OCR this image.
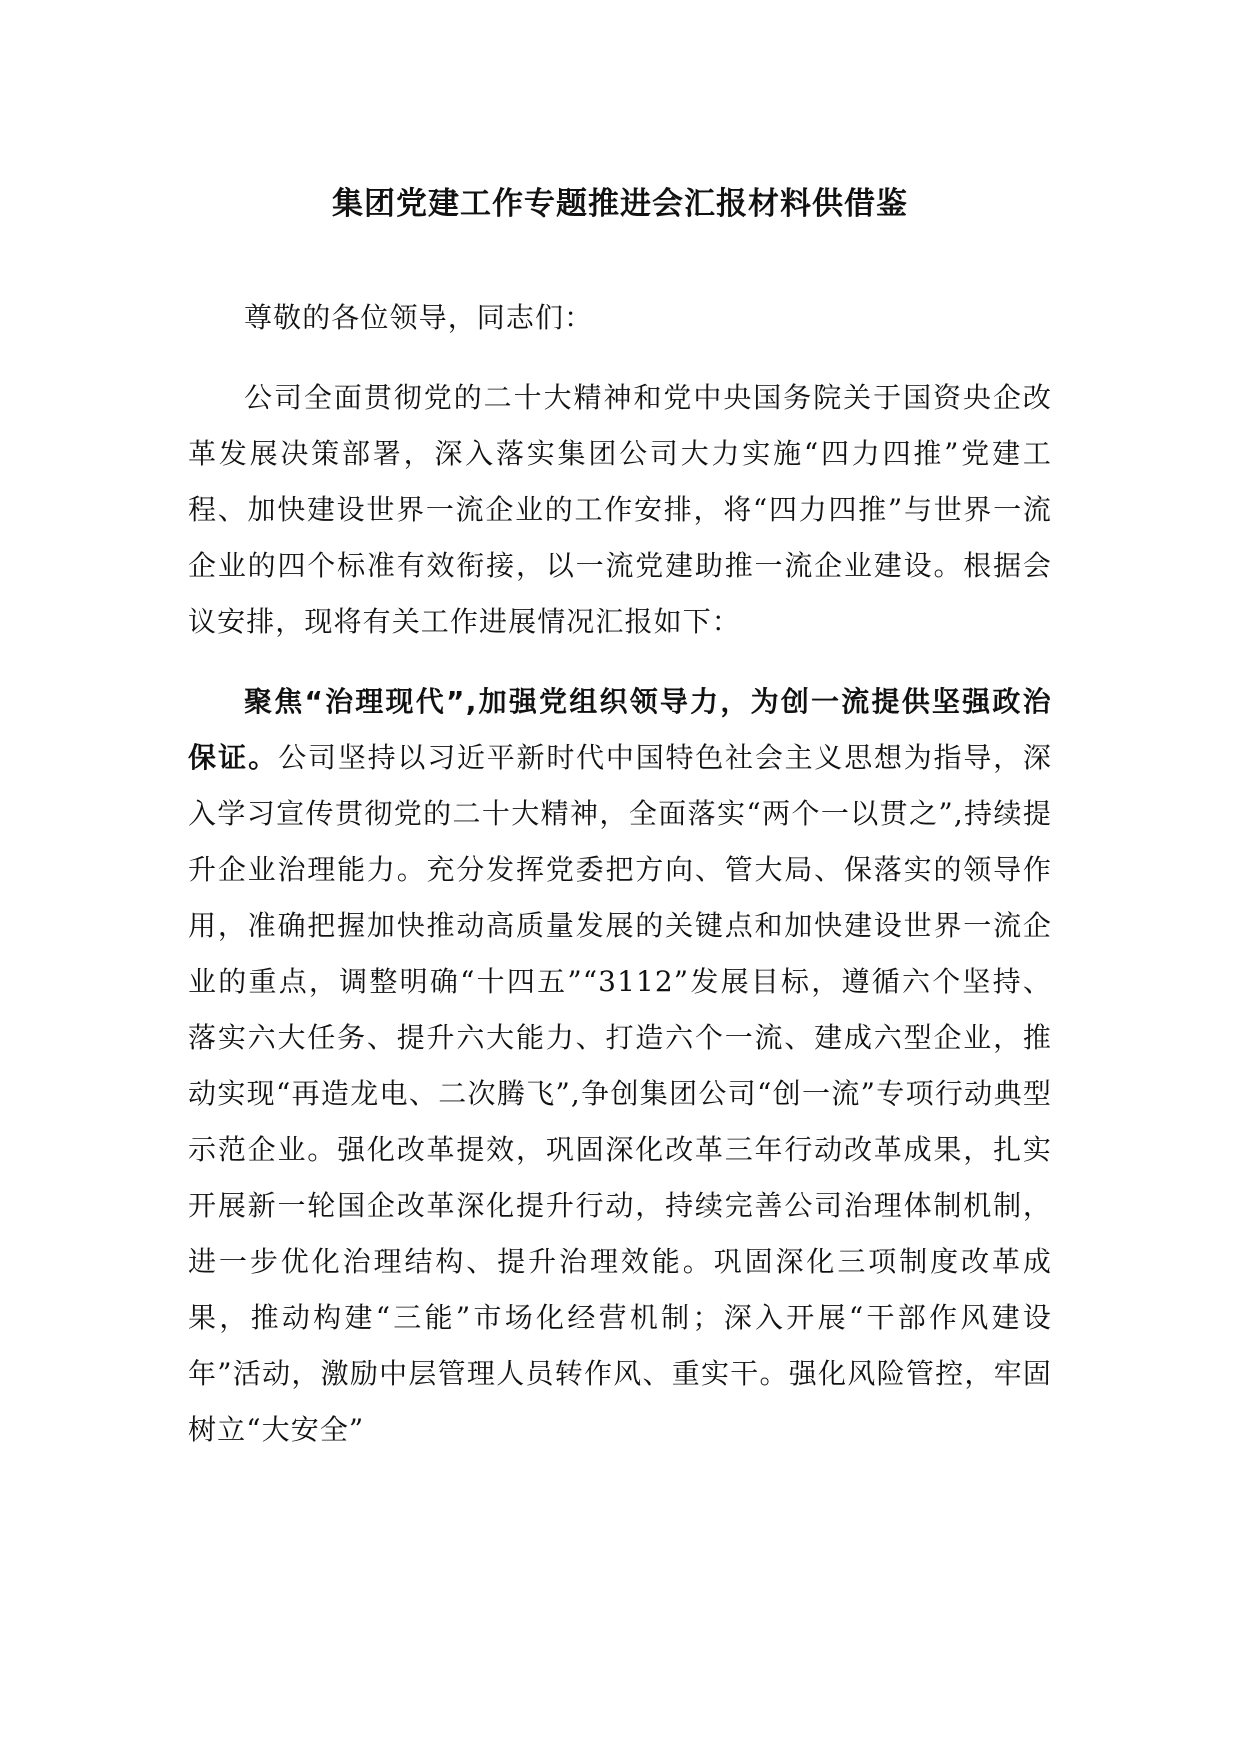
集团党建工作专题推进会汇报材料供借鉴

尊敬的各位领导，同志们：

公司全面贯彻党的二十大精神和党中央国务院关于国资央企改革发展决策部署，深入落实集团公司大力实施“四力四推”党建工程、加快建设世界一流企业的工作安排，将“四力四推”与世界一流企业的四个标准有效衔接，以一流党建助推一流企业建设。根据会议安排，现将有关工作进展情况汇报如下：

聚焦“治理现代”,加强党组织领导力，为创一流提供坚强政治保证。公司坚持以习近平新时代中国特色社会主义思想为指导，深入学习宣传贯彻党的二十大精神，全面落实“两个一以贯之”,持续提升企业治理能力。充分发挥党委把方向、管大局、保落实的领导作用，准确把握加快推动高质量发展的关键点和加快建设世界一流企业的重点，调整明确“十四五”“3112”发展目标，遵循六个坚持、落实六大任务、提升六大能力、打造六个一流、建成六型企业，推动实现“再造龙电、二次腾飞”,争创集团公司“创一流”专项行动典型示范企业。强化改革提效，巩固深化改革三年行动改革成果，扎实开展新一轮国企改革深化提升行动，持续完善公司治理体制机制，进一步优化治理结构、提升治理效能。巩固深化三项制度改革成果，推动构建“三能”市场化经营机制；深入开展“干部作风建设年”活动，激励中层管理人员转作风、重实干。强化风险管控，牢固树立“大安全”
